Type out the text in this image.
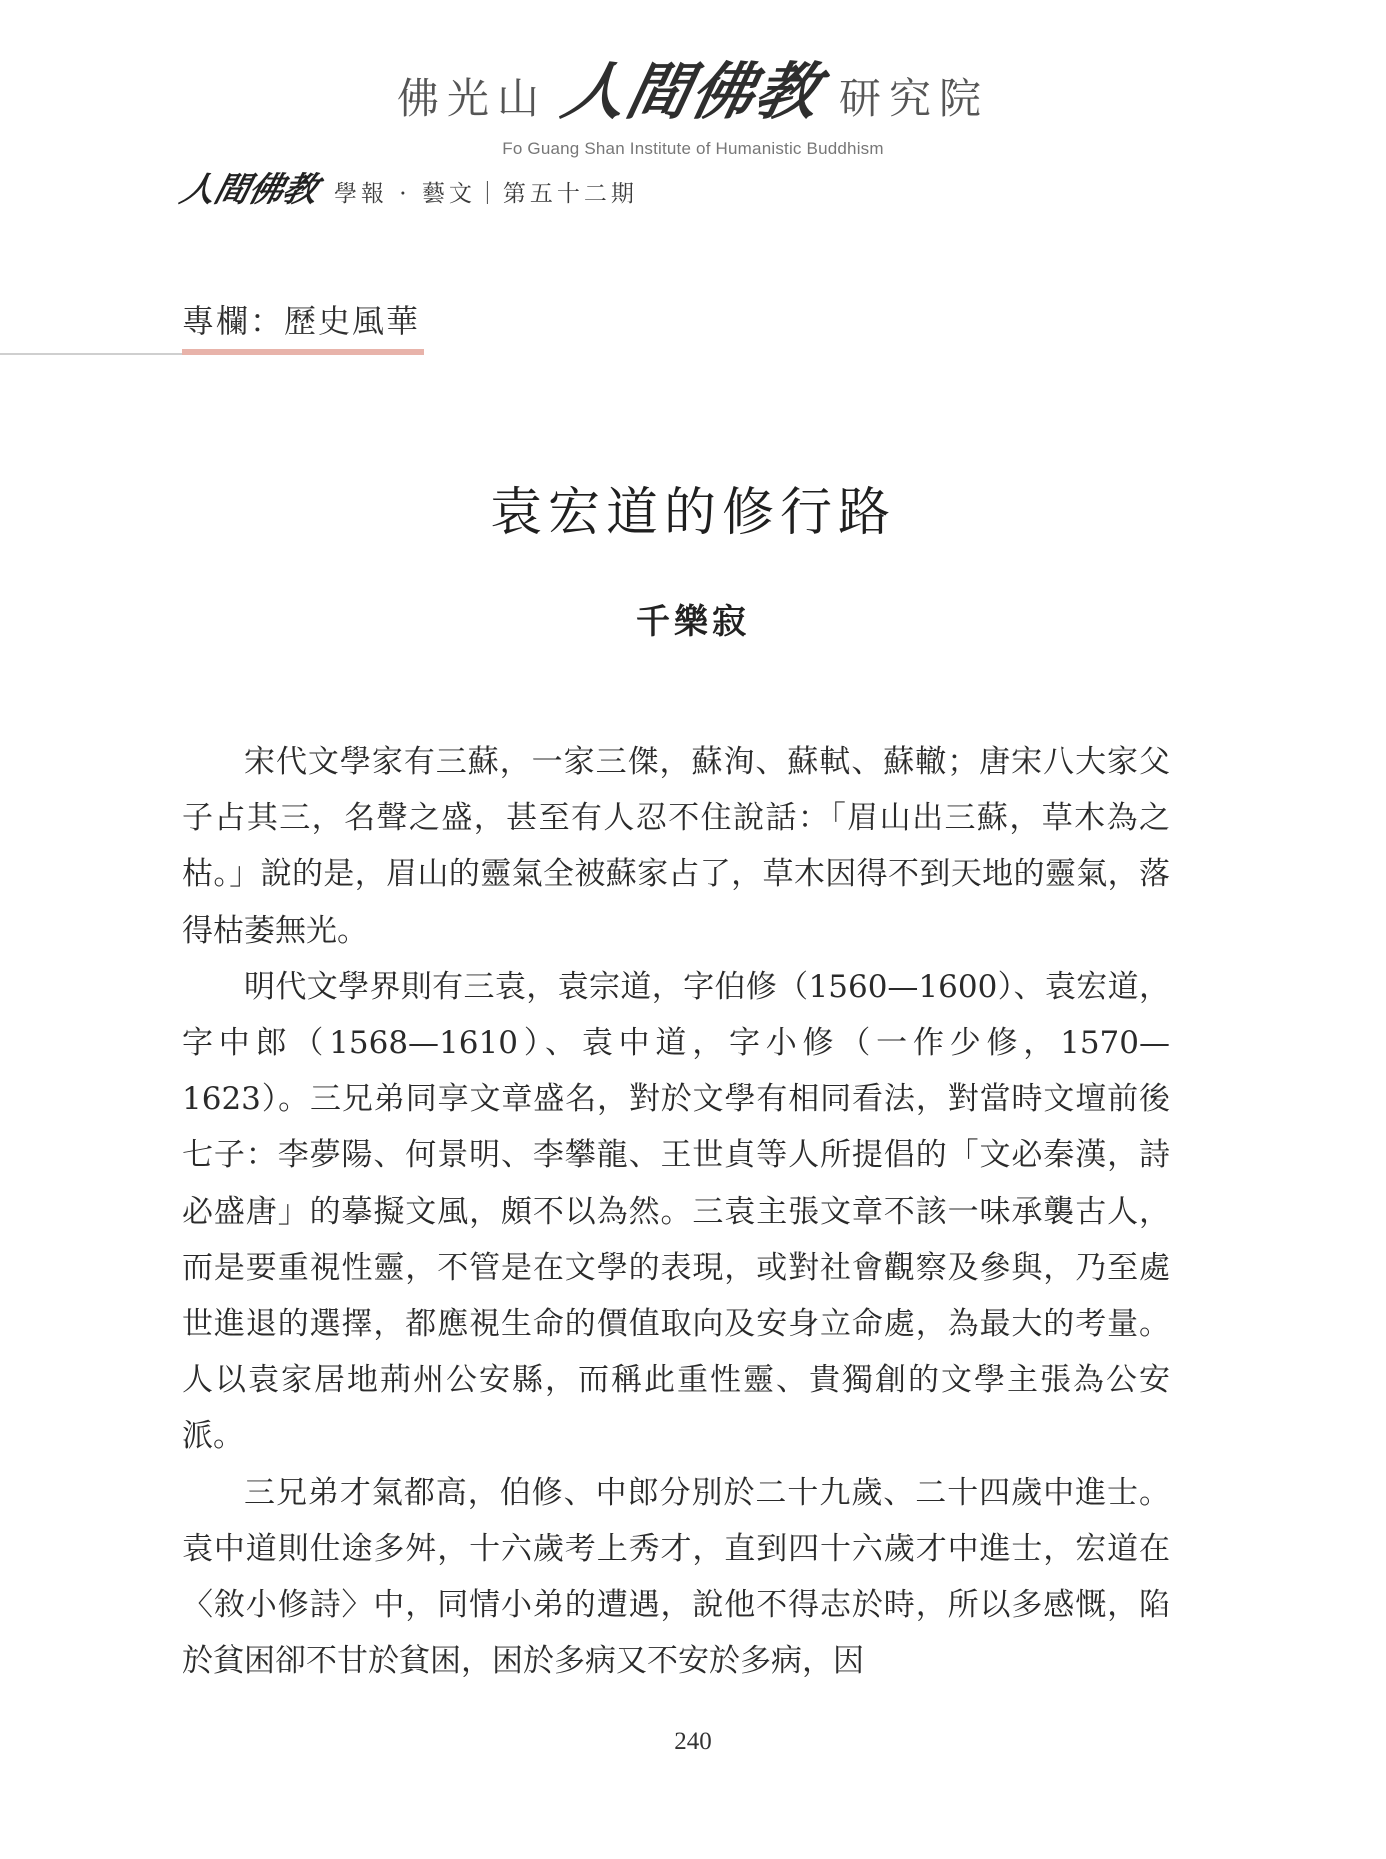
佛光山 人間佛教 研究院
Fo Guang Shan Institute of Humanistic Buddhism
人間佛教 學報 · 藝文｜第五十二期
專欄：歷史風華
袁宏道的修行路
千樂寂

宋代文學家有三蘇，一家三傑，蘇洵、蘇軾、蘇轍；唐宋八大家父子占其三，名聲之盛，甚至有人忍不住說話：「眉山出三蘇，草木為之枯。」說的是，眉山的靈氣全被蘇家占了，草木因得不到天地的靈氣，落得枯萎無光。

明代文學界則有三袁，袁宗道，字伯修（1560—1600）、袁宏道，字中郎（1568—1610）、袁中道，字小修（一作少修，1570—1623）。三兄弟同享文章盛名，對於文學有相同看法，對當時文壇前後七子：李夢陽、何景明、李攀龍、王世貞等人所提倡的「文必秦漢，詩必盛唐」的摹擬文風，頗不以為然。三袁主張文章不該一味承襲古人，而是要重視性靈，不管是在文學的表現，或對社會觀察及參與，乃至處世進退的選擇，都應視生命的價值取向及安身立命處，為最大的考量。人以袁家居地荊州公安縣，而稱此重性靈、貴獨創的文學主張為公安派。

三兄弟才氣都高，伯修、中郎分別於二十九歲、二十四歲中進士。袁中道則仕途多舛，十六歲考上秀才，直到四十六歲才中進士，宏道在〈敘小修詩〉中，同情小弟的遭遇，說他不得志於時，所以多感慨，陷於貧困卻不甘於貧困，困於多病又不安於多病，因

240
